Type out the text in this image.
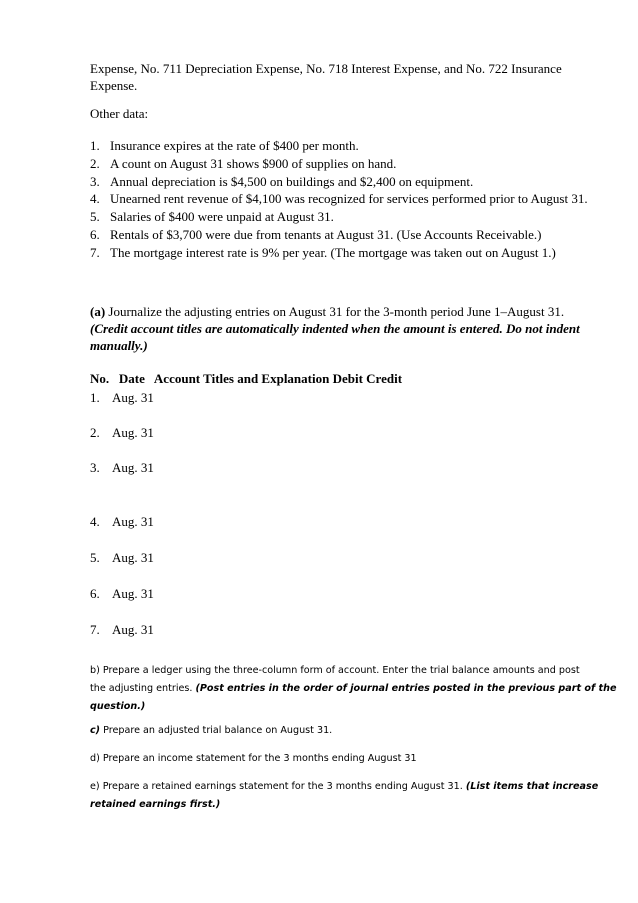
Expense, No. 711 Depreciation Expense, No. 718 Interest Expense, and No. 722 Insurance
Expense.
Other data:
1. Insurance expires at the rate of $400 per month.
2. A count on August 31 shows $900 of supplies on hand.
3. Annual depreciation is $4,500 on buildings and $2,400 on equipment.
4. Unearned rent revenue of $4,100 was recognized for services performed prior to August 31.
5. Salaries of $400 were unpaid at August 31.
6. Rentals of $3,700 were due from tenants at August 31. (Use Accounts Receivable.)
7. The mortgage interest rate is 9% per year. (The mortgage was taken out on August 1.)
(a) Journalize the adjusting entries on August 31 for the 3-month period June 1–August 31.
(Credit account titles are automatically indented when the amount is entered. Do not indent
manually.)
No.   Date   Account Titles and Explanation Debit Credit
1. Aug. 31
2. Aug. 31
3. Aug. 31
4. Aug. 31
5. Aug. 31
6. Aug. 31
7. Aug. 31
b) Prepare a ledger using the three-column form of account. Enter the trial balance amounts and post
the adjusting entries. (Post entries in the order of journal entries posted in the previous part of the
question.)
c) Prepare an adjusted trial balance on August 31.
d) Prepare an income statement for the 3 months ending August 31
e) Prepare a retained earnings statement for the 3 months ending August 31. (List items that increase
retained earnings first.)
